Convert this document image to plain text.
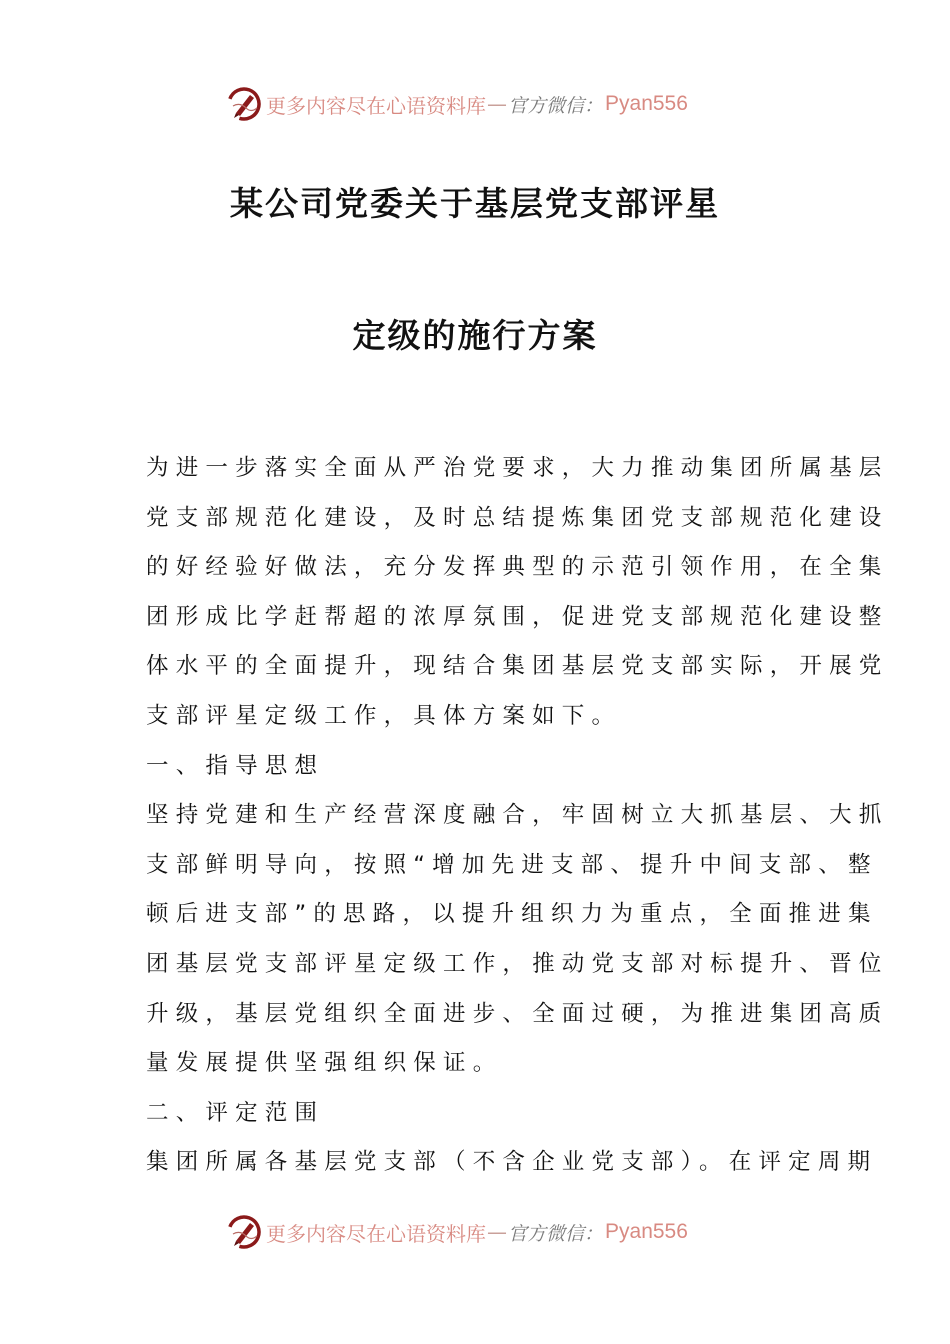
更多内容尽在心语资料库 — 官方微信： Pyan556
某公司党委关于基层党支部评星
定级的施行方案
为进一步落实全面从严治党要求，大力推动集团所属基层
党支部规范化建设，及时总结提炼集团党支部规范化建设
的好经验好做法，充分发挥典型的示范引领作用，在全集
团形成比学赶帮超的浓厚氛围，促进党支部规范化建设整
体水平的全面提升，现结合集团基层党支部实际，开展党
支部评星定级工作，具体方案如下。
一、指导思想
坚持党建和生产经营深度融合，牢固树立大抓基层、大抓
支部鲜明导向，按照“增加先进支部、提升中间支部、整
顿后进支部”的思路，以提升组织力为重点，全面推进集
团基层党支部评星定级工作，推动党支部对标提升、晋位
升级，基层党组织全面进步、全面过硬，为推进集团高质
量发展提供坚强组织保证。
二、评定范围
集团所属各基层党支部（不含企业党支部）。在评定周期
更多内容尽在心语资料库 — 官方微信： Pyan556
